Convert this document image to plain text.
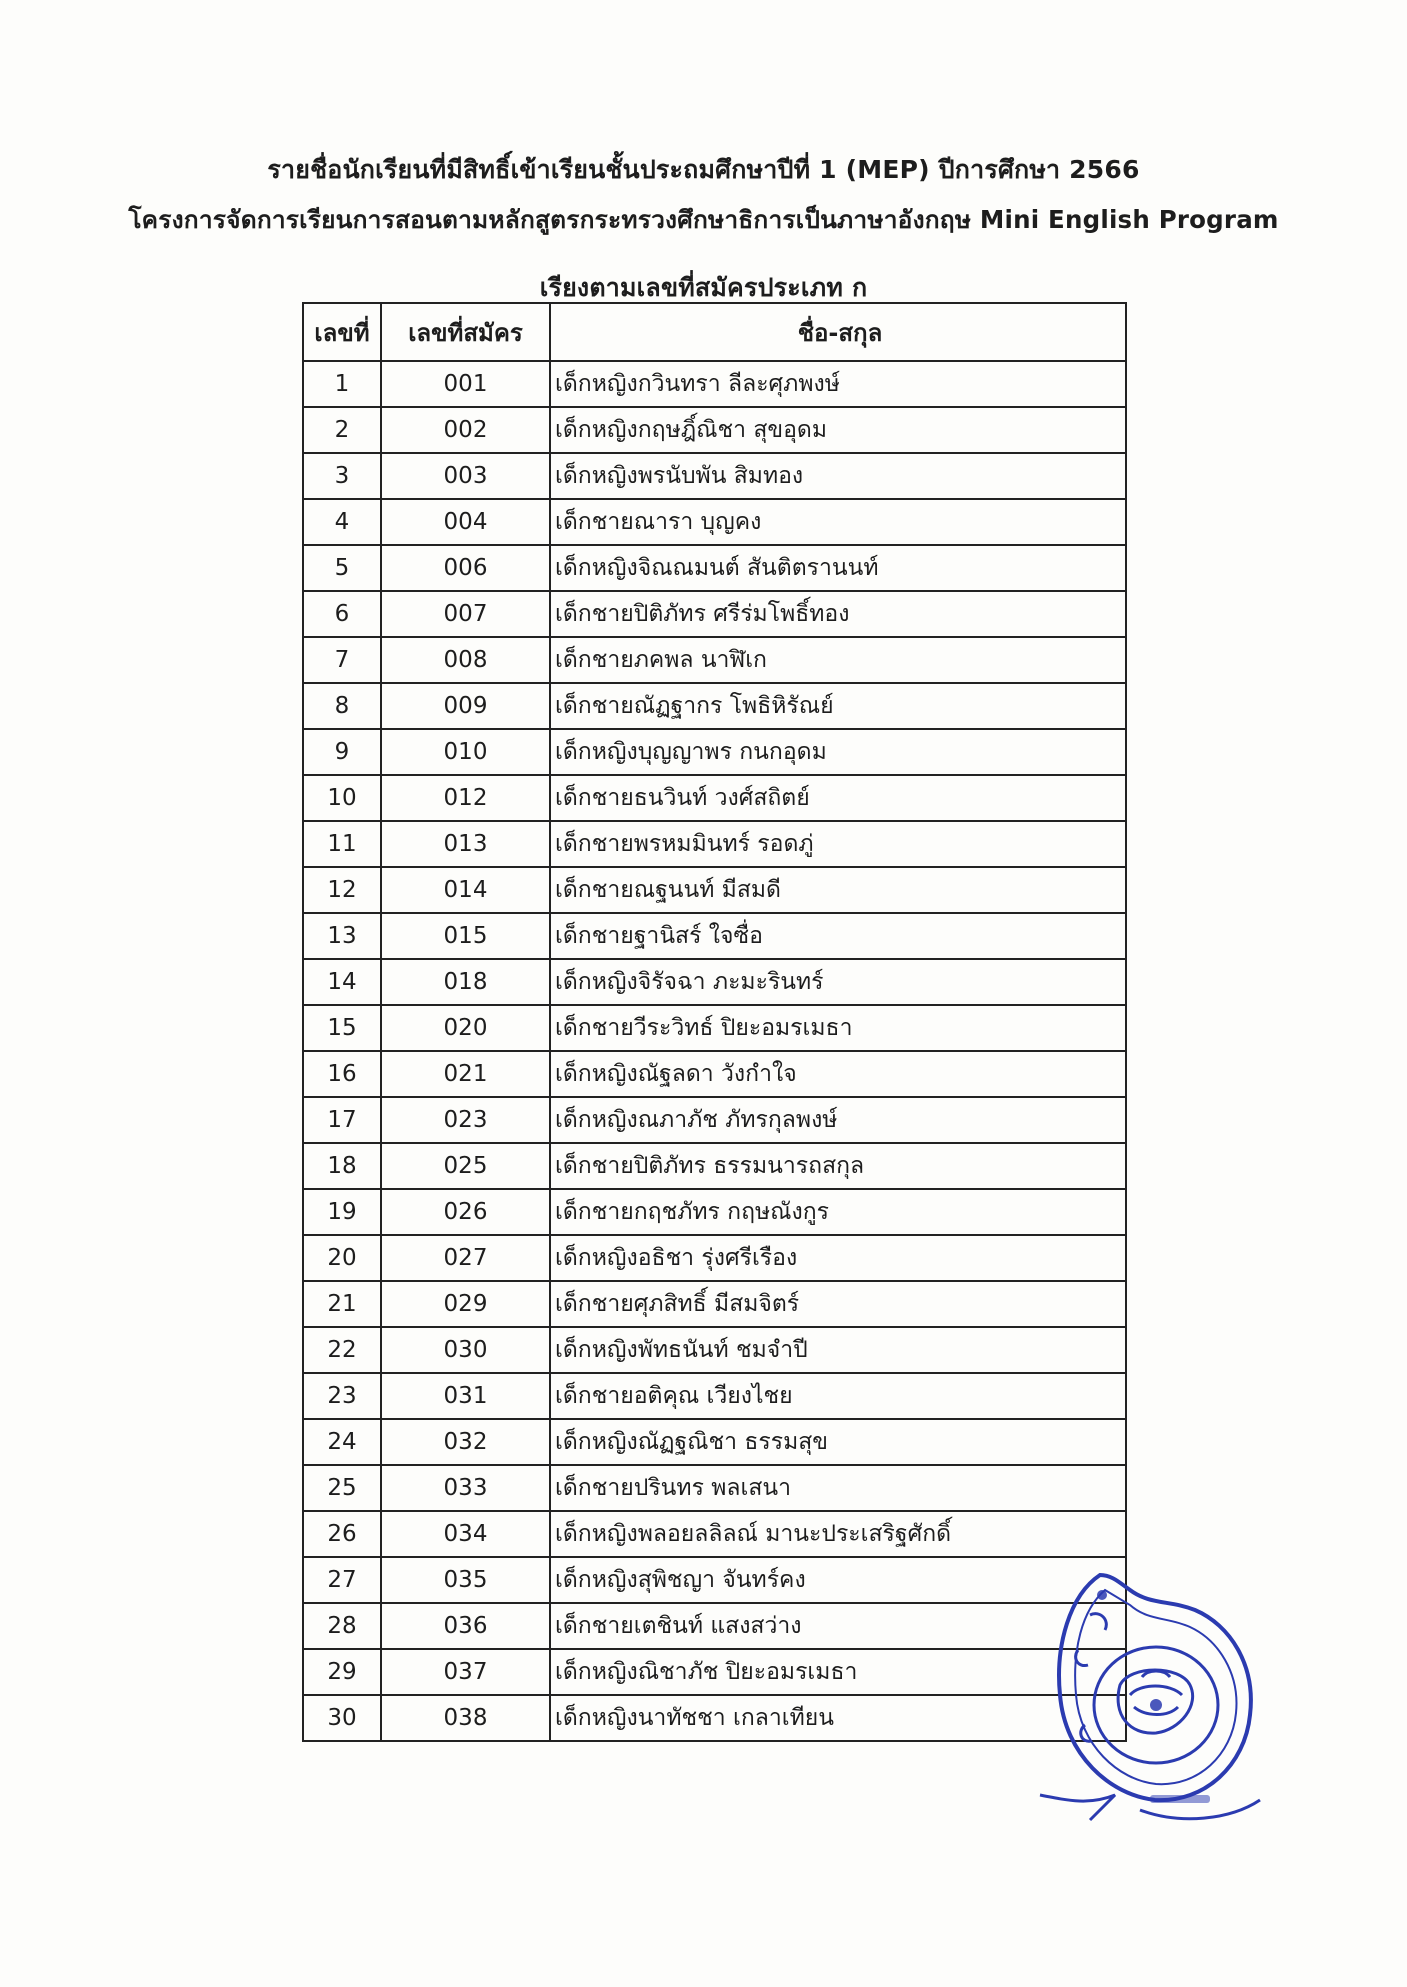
รายชื่อนักเรียนที่มีสิทธิ์เข้าเรียนชั้นประถมศึกษาปีที่ 1 (MEP) ปีการศึกษา 2566
โครงการจัดการเรียนการสอนตามหลักสูตรกระทรวงศึกษาธิการเป็นภาษาอังกฤษ Mini English Program
เรียงตามเลขที่สมัครประเภท ก
เลขที่	เลขที่สมัคร	ชื่อ-สกุล
1	001	เด็กหญิงกวินทรา ลีละศุภพงษ์
2	002	เด็กหญิงกฤษฎิ์ณิชา สุขอุดม
3	003	เด็กหญิงพรนับพัน สิมทอง
4	004	เด็กชายณารา บุญคง
5	006	เด็กหญิงจิณณมนต์ สันติตรานนท์
6	007	เด็กชายปิติภัทร ศรีร่มโพธิ์ทอง
7	008	เด็กชายภคพล นาฬิเก
8	009	เด็กชายณัฏฐากร โพธิหิรัณย์
9	010	เด็กหญิงบุญญาพร กนกอุดม
10	012	เด็กชายธนวินท์ วงศ์สถิตย์
11	013	เด็กชายพรหมมินทร์ รอดภู่
12	014	เด็กชายณฐนนท์ มีสมดี
13	015	เด็กชายฐานิสร์ ใจซื่อ
14	018	เด็กหญิงจิรัจฉา ภะมะรินทร์
15	020	เด็กชายวีระวิทธ์ ปิยะอมรเมธา
16	021	เด็กหญิงณัฐลดา วังกำใจ
17	023	เด็กหญิงณภาภัช ภัทรกุลพงษ์
18	025	เด็กชายปิติภัทร ธรรมนารถสกุล
19	026	เด็กชายกฤชภัทร กฤษณังกูร
20	027	เด็กหญิงอธิชา รุ่งศรีเรือง
21	029	เด็กชายศุภสิทธิ์ มีสมจิตร์
22	030	เด็กหญิงพัทธนันท์ ชมจำปี
23	031	เด็กชายอติคุณ เวียงไชย
24	032	เด็กหญิงณัฏฐณิชา ธรรมสุข
25	033	เด็กชายปรินทร พลเสนา
26	034	เด็กหญิงพลอยลลิลณ์ มานะประเสริฐศักดิ์
27	035	เด็กหญิงสุพิชญา จันทร์คง
28	036	เด็กชายเตชินท์ แสงสว่าง
29	037	เด็กหญิงณิชาภัช ปิยะอมรเมธา
30	038	เด็กหญิงนาทัชชา เกลาเทียน
